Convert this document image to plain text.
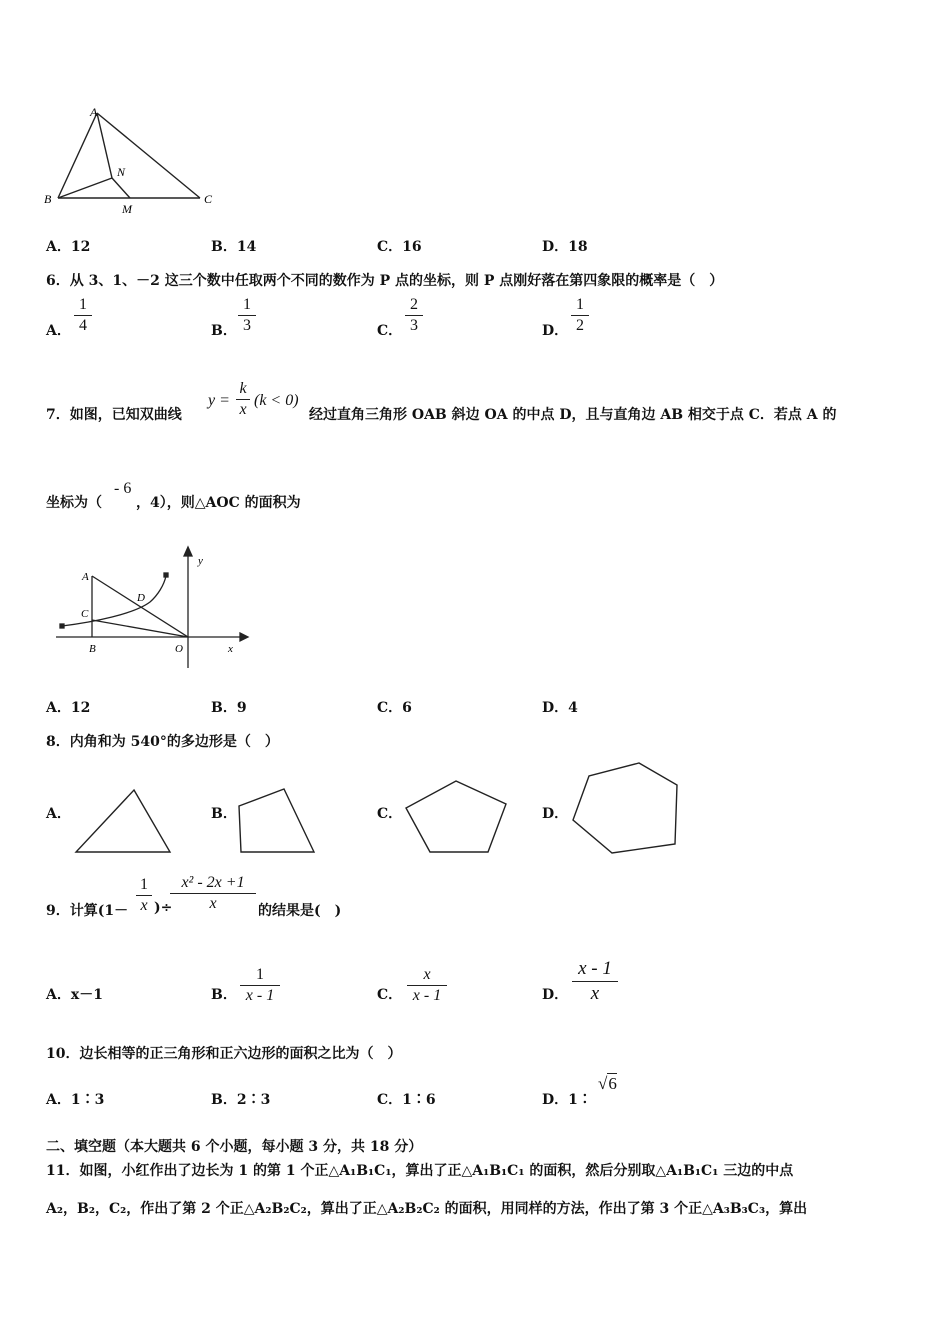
A
N
B
M
C
A．12	B．14	C．16	D．18
6．从 3、1、－2 这三个数中任取两个不同的数作为 P 点的坐标，则 P 点刚好落在第四象限的概率是（　）
A．
1
4	B．
1
3	C．
2
3	D．
1
2
7．如图，已知双曲线
y =
k
x
(k < 0)
经过直角三角形 OAB 斜边 OA 的中点 D，且与直角边 AB 相交于点 C．若点 A 的
坐标为（
- 6
，4），则△AOC 的面积为
y
A
D
C
B	O	x
A．12	B．9	C．6	D．4
8．内角和为 540°的多边形是（　）
A．	B．	C．	D．
9．计算(1－
1
x )÷
x² - 2x +1
x	的结果是(　)
A．x－1	B．
1
x - 1	C．
x
x - 1	D．
x - 1
x
10．边长相等的正三角形和正六边形的面积之比为（　）
A．1∶3	B．2∶3	C．1∶6	D．1∶
√6
二、填空题（本大题共 6 个小题，每小题 3 分，共 18 分）
11．如图，小红作出了边长为 1 的第 1 个正△A₁B₁C₁，算出了正△A₁B₁C₁ 的面积，然后分别取△A₁B₁C₁ 三边的中点
A₂，B₂，C₂，作出了第 2 个正△A₂B₂C₂，算出了正△A₂B₂C₂ 的面积，用同样的方法，作出了第 3 个正△A₃B₃C₃，算出
